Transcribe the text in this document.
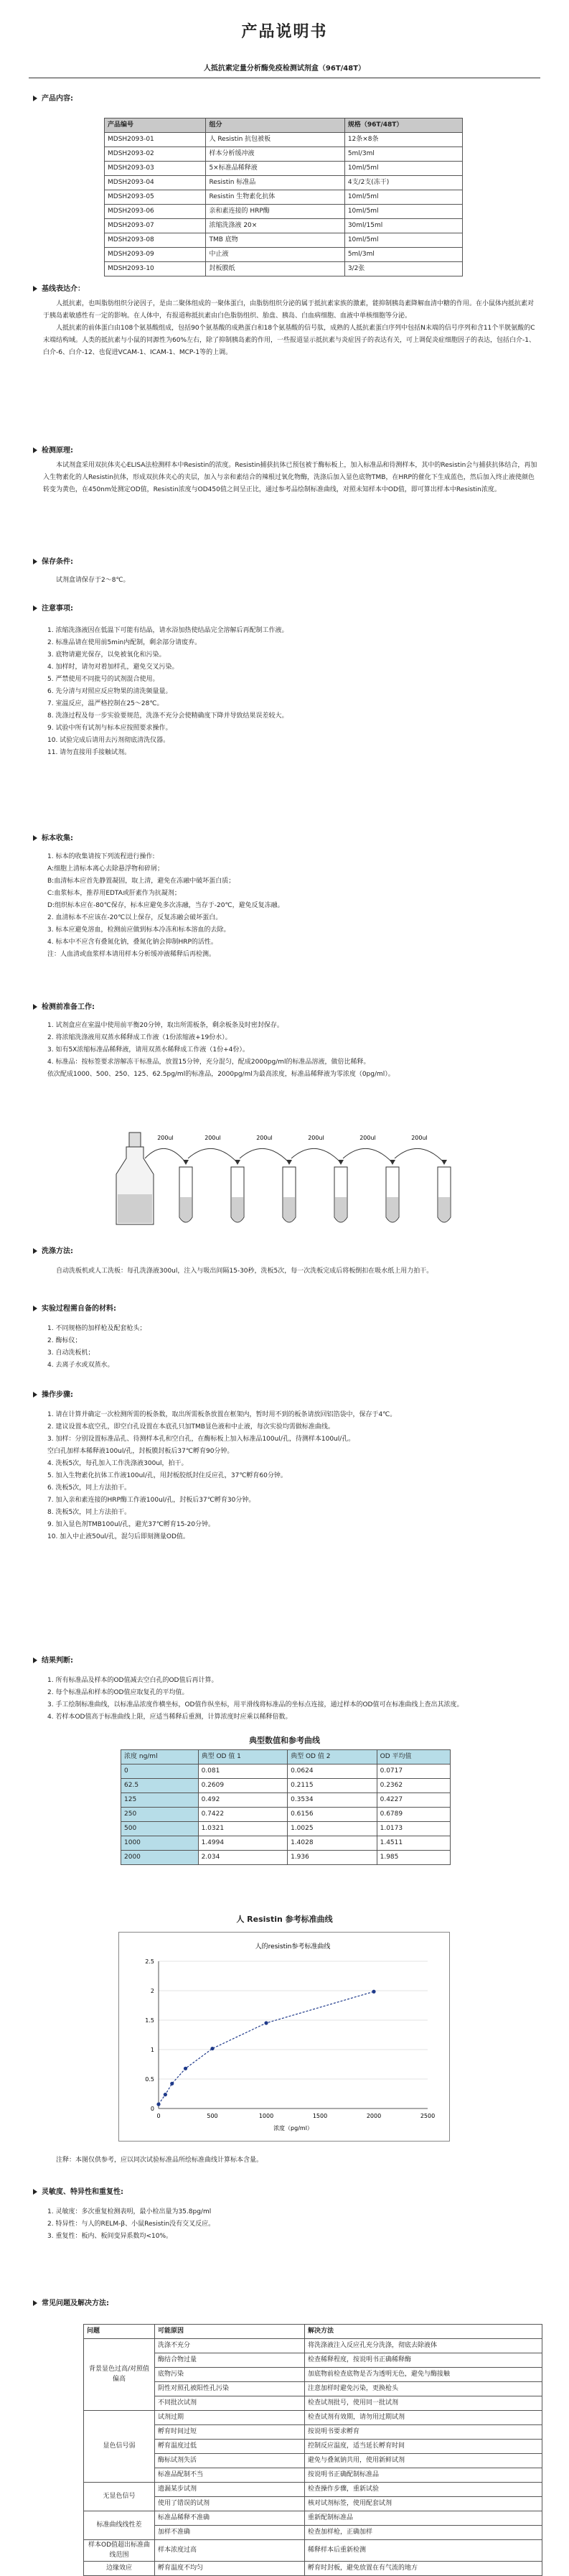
产品说明书
人抵抗素定量分析酶免疫检测试剂盒（96T/48T）
产品内容:
产品编号	组分	规格（96T/48T）
MDSH2093-01	人 Resistin 抗包被板	12条×8条
MDSH2093-02	样本分析缓冲液	5ml/3ml
MDSH2093-03	5×标准品稀释液	10ml/5ml
MDSH2093-04	Resistin 标准品	4支/2支(冻干)
MDSH2093-05	Resistin 生物素化抗体	10ml/5ml
MDSH2093-06	亲和素连接的 HRP酶	10ml/5ml
MDSH2093-07	浓缩洗涤液 20×	30ml/15ml
MDSH2093-08	TMB 底物	10ml/5ml
MDSH2093-09	中止液	5ml/3ml
MDSH2093-10	封板膜纸	3/2张
基线表达介：

人抵抗素，也叫脂肪组织分泌因子，是由二聚体组成的一聚体蛋白，由脂肪组织分泌的属于抵抗素家族的激素，能抑制胰岛素降解血清中糖的作用。在小鼠体内抵抗素对于胰岛素敏感性有一定的影响。在人体中，有报道称抵抗素由白色脂肪组织、胎盘、胰岛、白血病细胞、血液中单核细胞等分泌。

人抵抗素的前体蛋白由108个氨基酸组成，包括90个氨基酸的成熟蛋白和18个氨基酸的信号肽，成熟的人抵抗素蛋白序列中包括N末端的信号序列和含11个半胱氨酸的C末端结构域。人类的抵抗素与小鼠的同源性为60%左右，除了抑制胰岛素的作用，一些报道显示抵抗素与炎症因子的表达有关，可上调促炎症细胞因子的表达，包括白介-1、白介-6、白介-12、也促进VCAM-1、ICAM-1、MCP-1等的上调。

检测原理:

本试剂盒采用双抗体夹心ELISA法检测样本中Resistin的浓度。Resistin捕获抗体已预包被于酶标板上，加入标准品和待测样本，其中的Resistin会与捕获抗体结合，再加入生物素化的人Resistin抗体，形成双抗体夹心的夹层，加入与亲和素结合的辣根过氧化物酶，洗涤后加入显色底物TMB，在HRP的催化下生成蓝色，然后加入终止液使颜色转变为黄色，在450nm处测定OD值，Resistin浓度与OD450值之间呈正比，通过参考品绘制标准曲线，对照未知样本中OD值，即可算出样本中Resistin浓度。

保存条件:

试剂盒请保存于2～8℃。

注意事项:
1. 浓缩洗涤液因在低温下可能有结晶，请水浴加热使结晶完全溶解后再配制工作液。
2. 标准品请在使用前5min内配制，剩余部分请废弃。
3. 底物请避光保存，以免被氧化和污染。
4. 加样时，请勿对着加样孔，避免交叉污染。
5. 严禁使用不同批号的试剂混合使用。
6. 先分清与对照应反应物果的清洗频量量。
7. 室温反应，温严格控制在25～28℃。
8. 洗涤过程及每一步实验要规范，洗涤不充分会使精确度下降并导致结果误差较大。
9. 试验中所有试剂与标本应按照要求操作。
10. 试验完成后请用去污剂彻底清洗仪器。
11. 请勿直接用手接触试剂。
标本收集:
1. 标本的收集请按下列流程进行操作:
A:细胞上清标本离心去除悬浮物和碎屑；
B:血清标本应首先静置凝固，取上清，避免在冻融中破坏蛋白质；
C:血浆标本，推荐用EDTA或肝素作为抗凝剂；
D:组织标本应在-80℃保存，标本应避免多次冻融，当存于-20℃，避免反复冻融。
2. 血清标本不应该在-20℃以上保存，反复冻融会破坏蛋白。
3. 标本应避免溶血，检测前应做到标本冷冻和标本溶血的去除。
4. 标本中不应含有叠氮化钠，叠氮化钠会抑制HRP的活性。
注：人血清或血浆样本请用样本分析缓冲液稀释后再检测。
检测前准备工作:
1. 试剂盒应在室温中使用前平衡20分钟，取出所需板条，剩余板条及时密封保存。
2. 将浓缩洗涤液用双蒸水稀释成工作液（1份浓缩液+19份水）。
3. 如有5X浓缩标准品稀释液，请用双蒸水稀释成工作液（1份+4份）。
4. 标准品：按标签要求溶解冻干标准品，放置15分钟，充分混匀，配成2000pg/ml的标准品溶液，做倍比稀释。
依次配成1000、500、250、125、62.5pg/ml的标准品，2000pg/ml为最高浓度，标准品稀释液为零浓度（0pg/ml）。
200ul	200ul	200ul	200ul	200ul	200ul
洗涤方法:

自动洗板机或人工洗板：每孔洗涤液300ul，注入与吸出间隔15-30秒，洗板5次，每一次洗板完成后将板倒扣在吸水纸上用力拍干。

实验过程需自备的材料:
1. 不同规格的加样枪及配套枪头；
2. 酶标仪；
3. 自动洗板机；
4. 去离子水或双蒸水。
操作步骤:
1. 请在计算并确定一次检测所需的板条数，取出所需板条放置在框架内，暂时用不到的板条请放回铝箔袋中，保存于4℃。
2. 建议设置本底空孔，即空白孔设置在本底孔只加TMB显色液和中止液，每次实验均需做标准曲线。
3. 加样：分别设置标准品孔、待测样本孔和空白孔，在酶标板上加入标准品100ul/孔，待测样本100ul/孔。
空白孔加样本稀释液100ul/孔，封板膜封板后37℃孵育90分钟。
4. 洗板5次，每孔加入工作洗涤液300ul，拍干。
5. 加入生物素化抗体工作液100ul/孔，用封板胶纸封住反应孔，37℃孵育60分钟。
6. 洗板5次，同上方法拍干。
7. 加入亲和素连接的HRP酶工作液100ul/孔，封板后37℃孵育30分钟。
8. 洗板5次，同上方法拍干。
9. 加入显色剂TMB100ul/孔，避光37℃孵育15-20分钟。
10. 加入中止液50ul/孔，混匀后即刻测量OD值。
结果判断:
1. 所有标准品及样本的OD值减去空白孔的OD值后再计算。
2. 每个标准品和样本的OD值应取复孔的平均值。
3. 手工绘制标准曲线，以标准品浓度作横坐标，OD值作纵坐标，用平滑线将标准品的坐标点连接，通过样本的OD值可在标准曲线上查出其浓度。
4. 若样本OD值高于标准曲线上限，应适当稀释后重测，计算浓度时应乘以稀释倍数。
典型数值和参考曲线
浓度 ng/ml	典型 OD 值 1	典型 OD 值 2	OD 平均值
0	0.081	0.0624	0.0717
62.5	0.2609	0.2115	0.2362
125	0.492	0.3534	0.4227
250	0.7422	0.6156	0.6789
500	1.0321	1.0025	1.0173
1000	1.4994	1.4028	1.4511
2000	2.034	1.936	1.985
人 Resistin 参考标准曲线
人的resistin参考标准曲线
0
0.5
1
1.5
2
2.5
0	500	1000	1500	2000	2500
浓度（pg/ml）

注释：本图仅供参考，应以同次试验标准品所绘标准曲线计算标本含量。

灵敏度、特异性和重复性:
1. 灵敏度：多次重复检测表明，最小检出量为35.8pg/ml
2. 特异性：与人的RELM-β、小鼠Resistin没有交叉反应。
3. 重复性：板内、板间变异系数均<10%。
常见问题及解决方法:
问题	可能原因	解决方法
背景显色过高/对照值偏高	洗涤不充分	将洗涤液注入反应孔充分洗涤，彻底去除液体
	酶结合物过量	检查稀释程度，按说明书正确稀释酶
	底物污染	加底物前检查底物是否为透明无色，避免与酶接触
	阴性对照孔被阳性孔污染	注意加样时避免污染，更换枪头
	不同批次试剂	检查试剂批号，使用同一批试剂
显色信号弱	试剂过期	检查试剂有效期，请勿用过期试剂
	孵育时间过短	按说明书要求孵育
	孵育温度过低	控制反应温度，适当延长孵育时间
	酶标试剂失活	避免与叠氮钠共用，使用新鲜试剂
	标准品配制不当	按说明书正确配制标准品
无显色信号	遗漏某步试剂	检查操作步骤，重新试验
	使用了错误的试剂	核对试剂标签，使用配套试剂
标准曲线线性差	标准品稀释不准确	重新配制标准品
	加样不准确	检查加样枪，正确加样
样本OD值超出标准曲线范围	样本浓度过高	稀释样本后重新检测
边缘效应	孵育温度不均匀	孵育时封板，避免放置在有气流的地方
